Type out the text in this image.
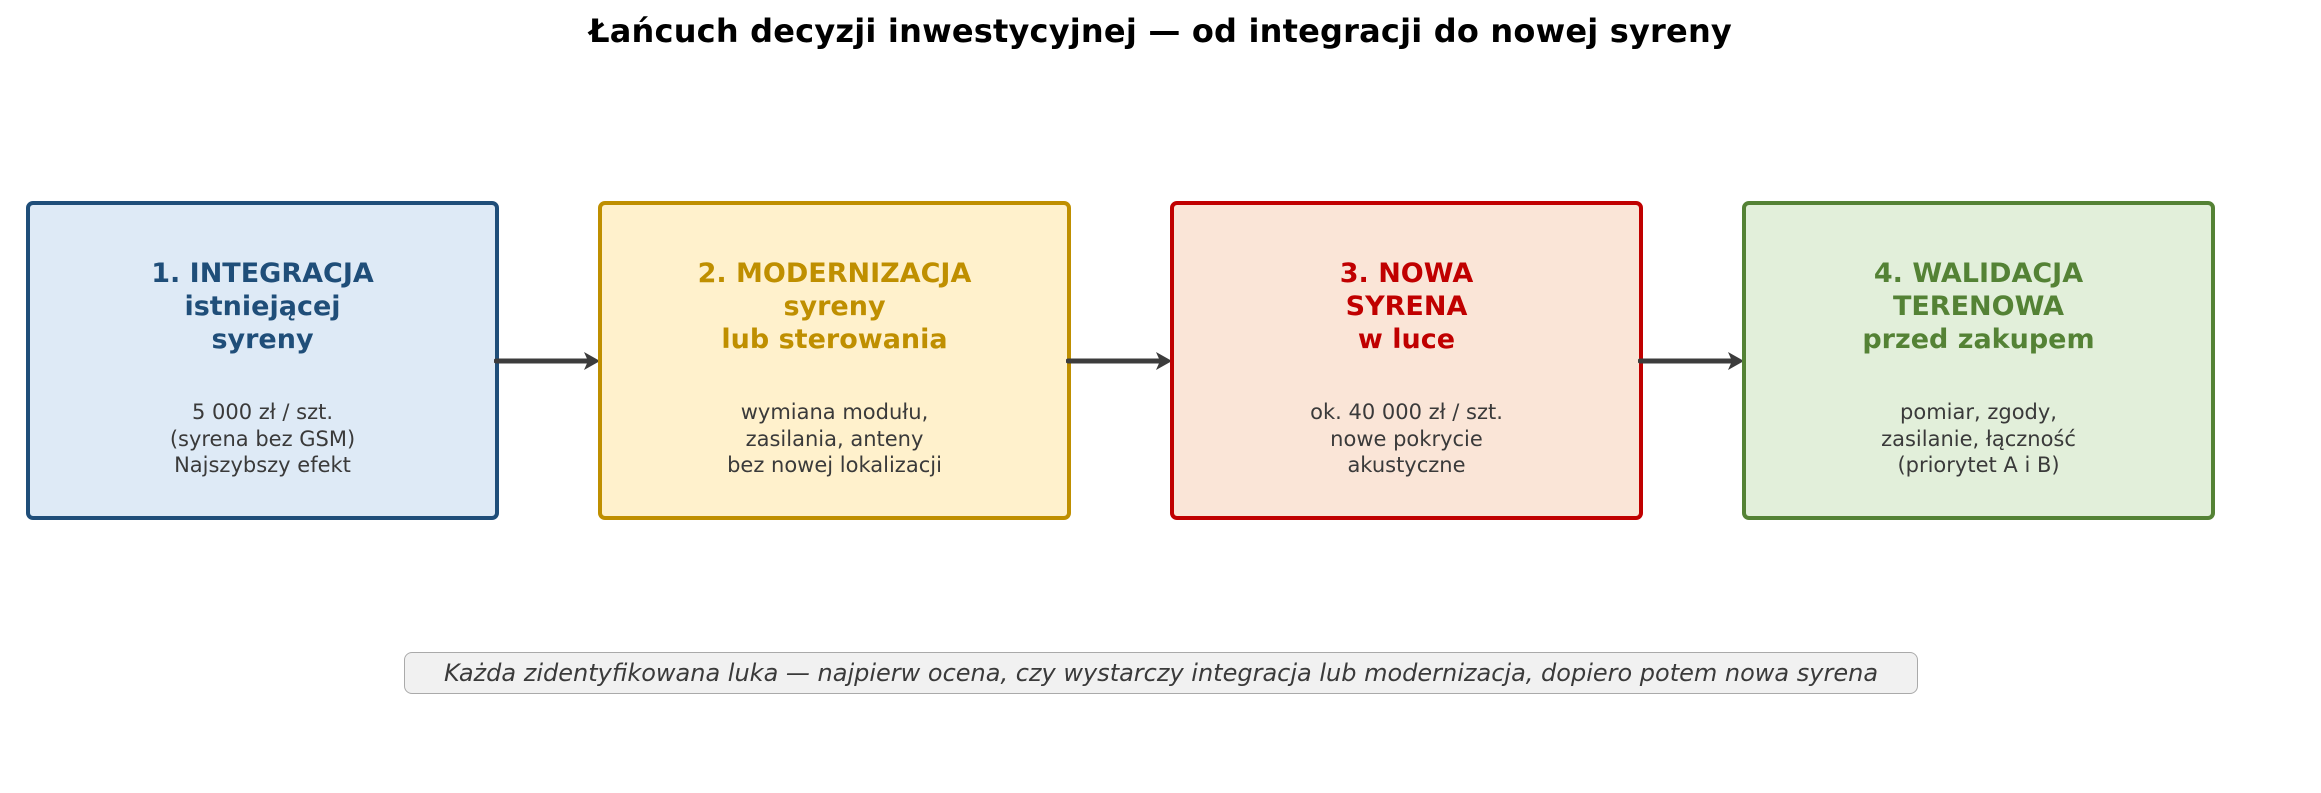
Łańcuch decyzji inwestycyjnej — od integracji do nowej syreny
1. INTEGRACJA
istniejącej
syreny
5 000 zł / szt.
(syrena bez GSM)
Najszybszy efekt
2. MODERNIZACJA
syreny
lub sterowania
wymiana modułu,
zasilania, anteny
bez nowej lokalizacji
3. NOWA
SYRENA
w luce
ok. 40 000 zł / szt.
nowe pokrycie
akustyczne
4. WALIDACJA
TERENOWA
przed zakupem
pomiar, zgody,
zasilanie, łączność
(priorytet A i B)
Każda zidentyfikowana luka — najpierw ocena, czy wystarczy integracja lub modernizacja, dopiero potem nowa syrena
